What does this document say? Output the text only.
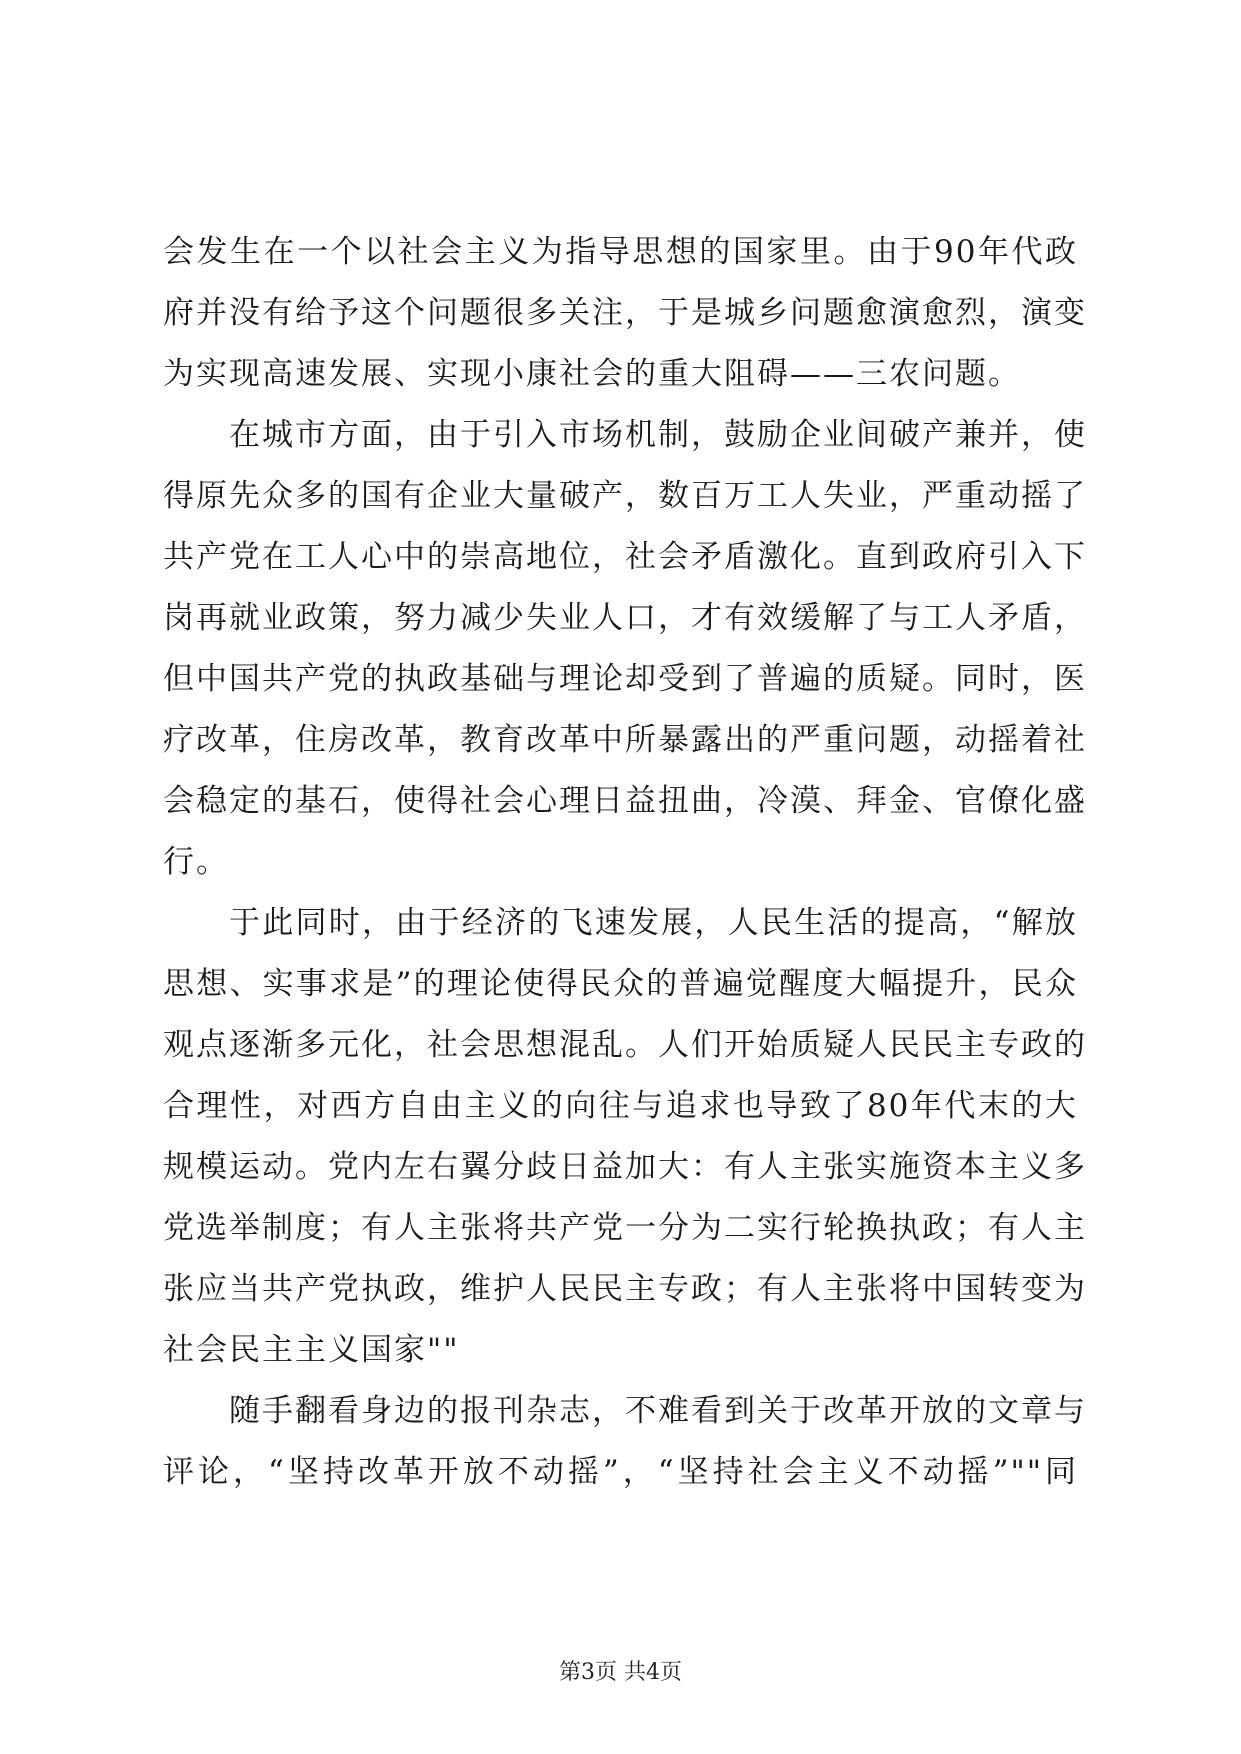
会发生在一个以社会主义为指导思想的国家里。由于90年代政
府并没有给予这个问题很多关注，于是城乡问题愈演愈烈，演变
为实现高速发展、实现小康社会的重大阻碍——三农问题。
在城市方面，由于引入市场机制，鼓励企业间破产兼并，使
得原先众多的国有企业大量破产，数百万工人失业，严重动摇了
共产党在工人心中的崇高地位，社会矛盾激化。直到政府引入下
岗再就业政策，努力减少失业人口，才有效缓解了与工人矛盾，
但中国共产党的执政基础与理论却受到了普遍的质疑。同时，医
疗改革，住房改革，教育改革中所暴露出的严重问题，动摇着社
会稳定的基石，使得社会心理日益扭曲，冷漠、拜金、官僚化盛
行。
于此同时，由于经济的飞速发展，人民生活的提高，“解放
思想、实事求是”的理论使得民众的普遍觉醒度大幅提升，民众
观点逐渐多元化，社会思想混乱。人们开始质疑人民民主专政的
合理性，对西方自由主义的向往与追求也导致了80年代末的大
规模运动。党内左右翼分歧日益加大：有人主张实施资本主义多
党选举制度；有人主张将共产党一分为二实行轮换执政；有人主
张应当共产党执政，维护人民民主专政；有人主张将中国转变为
社会民主主义国家""
随手翻看身边的报刊杂志，不难看到关于改革开放的文章与
评论，“坚持改革开放不动摇”，“坚持社会主义不动摇”""同
第3页 共4页
